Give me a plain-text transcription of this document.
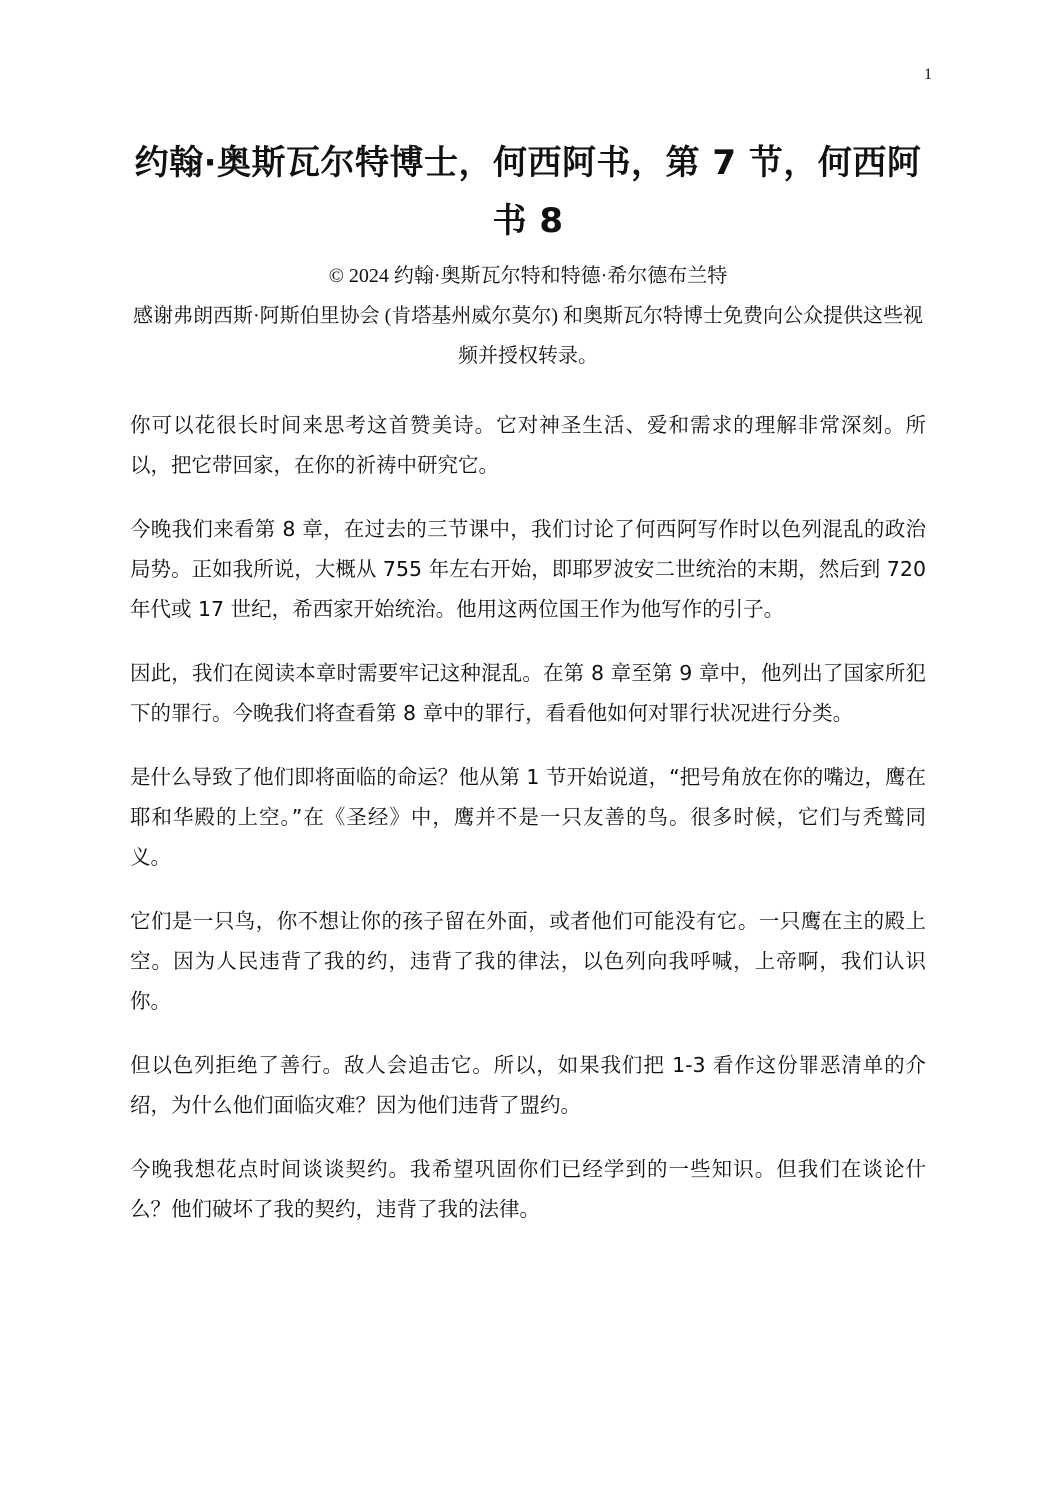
1
约翰·奥斯瓦尔特博士，何西阿书，第 7 节，何西阿书 8

© 2024 约翰·奥斯瓦尔特和特德·希尔德布兰特

感谢弗朗西斯·阿斯伯里协会 (肯塔基州威尔莫尔) 和奥斯瓦尔特博士免费向公众提供这些视频并授权转录。

你可以花很长时间来思考这首赞美诗。它对神圣生活、爱和需求的理解非常深刻。所以，把它带回家，在你的祈祷中研究它。

今晚我们来看第 8 章，在过去的三节课中，我们讨论了何西阿写作时以色列混乱的政治局势。正如我所说，大概从 755 年左右开始，即耶罗波安二世统治的末期，然后到 720 年代或 17 世纪，希西家开始统治。他用这两位国王作为他写作的引子。

因此，我们在阅读本章时需要牢记这种混乱。在第 8 章至第 9 章中，他列出了国家所犯下的罪行。今晚我们将查看第 8 章中的罪行，看看他如何对罪行状况进行分类。

是什么导致了他们即将面临的命运？他从第 1 节开始说道，“把号角放在你的嘴边，鹰在耶和华殿的上空。”在《圣经》中，鹰并不是一只友善的鸟。很多时候，它们与秃鹫同义。

它们是一只鸟，你不想让你的孩子留在外面，或者他们可能没有它。一只鹰在主的殿上空。因为人民违背了我的约，违背了我的律法，以色列向我呼喊，上帝啊，我们认识你。

但以色列拒绝了善行。敌人会追击它。所以，如果我们把 1-3 看作这份罪恶清单的介绍，为什么他们面临灾难？因为他们违背了盟约。

今晚我想花点时间谈谈契约。我希望巩固你们已经学到的一些知识。但我们在谈论什么？他们破坏了我的契约，违背了我的法律。
